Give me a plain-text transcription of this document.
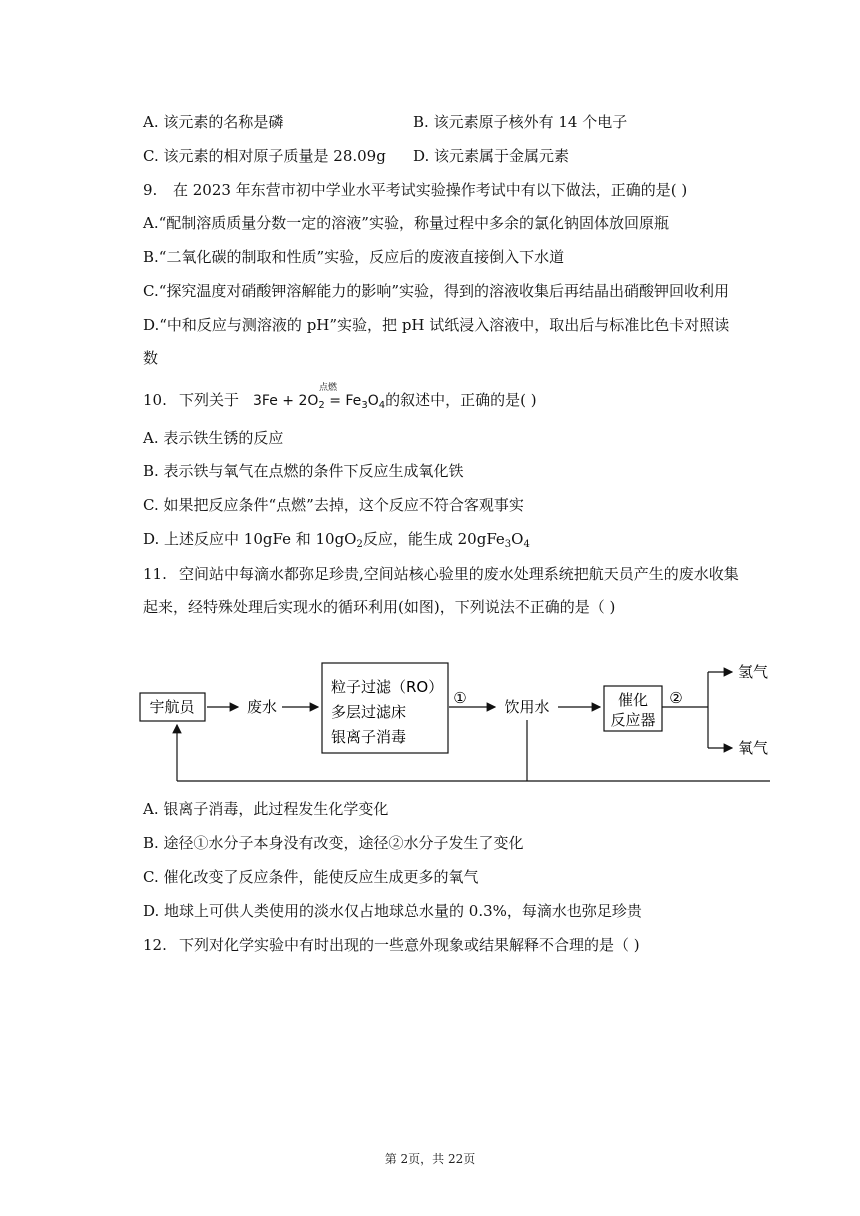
A. 该元素的名称是磷	B. 该元素原子核外有 14 个电子
C. 该元素的相对原子质量是 28.09g D. 该元素属于金属元素
9. 在 2023 年东营市初中学业水平考试实验操作考试中有以下做法，正确的是( )
A.“配制溶质质量分数一定的溶液”实验，称量过程中多余的氯化钠固体放回原瓶
B.“二氧化碳的制取和性质”实验，反应后的废液直接倒入下水道
C.“探究温度对硝酸钾溶解能力的影响”实验，得到的溶液收集后再结晶出硝酸钾回收利用
D.“中和反应与测溶液的 pH”实验，把 pH 试纸浸入溶液中，取出后与标准比色卡对照读
数
10. 下列关于 $3Fe + 2O_2$
点燃
= $Fe_3O_4$的叙述中，正确的是( )
A. 表示铁生锈的反应
B. 表示铁与氧气在点燃的条件下反应生成氧化铁
C. 如果把反应条件“点燃”去掉，这个反应不符合客观事实
D. 上述反应中 10gFe 和 $10gO_2$反应，能生成 $20gFe_3O_4$
11. 空间站中每滴水都弥足珍贵,空间站核心验里的废水处理系统把航天员产生的废水收集
起来，经特殊处理后实现水的循环利用(如图)，下列说法不正确的是（ )
宇航员	废水
粒子过滤（RO）
多层过滤床
银离子消毒
①	饮用水	催化
反应器
②
氢气
氧气
A. 银离子消毒，此过程发生化学变化
B. 途径①水分子本身没有改变，途径②水分子发生了变化
C. 催化改变了反应条件，能使反应生成更多的氧气
D. 地球上可供人类使用的淡水仅占地球总水量的 0.3%，每滴水也弥足珍贵
12. 下列对化学实验中有时出现的一些意外现象或结果解释不合理的是（ )
第 2页，共 22页
